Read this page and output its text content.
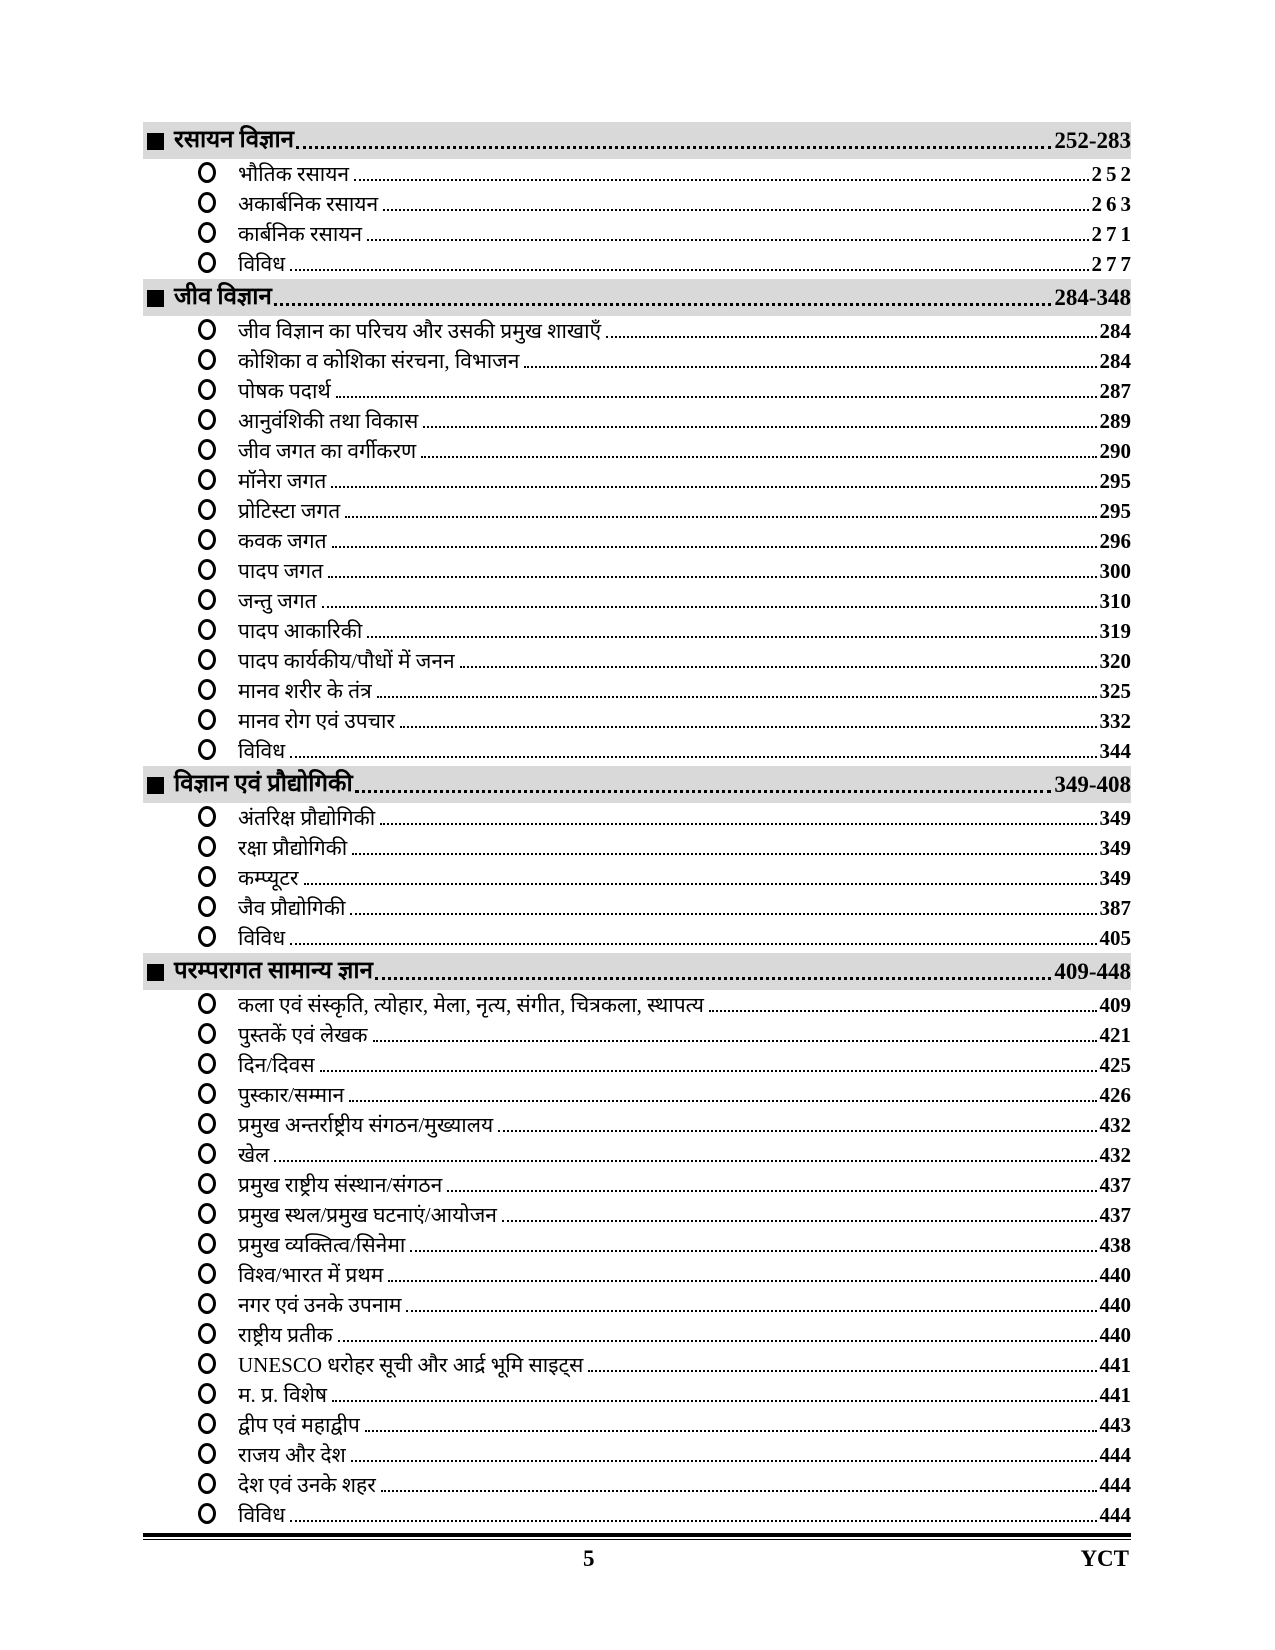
रसायन विज्ञान	252-283
भौतिक रसायन	252
अकार्बनिक रसायन	263
कार्बनिक रसायन	271
विविध	277
जीव विज्ञान	284-348
जीव विज्ञान का परिचय और उसकी प्रमुख शाखाएँ	284
कोशिका व कोशिका संरचना, विभाजन	284
पोषक पदार्थ	287
आनुवंशिकी तथा विकास	289
जीव जगत का वर्गीकरण	290
मॉनेरा जगत	295
प्रोटिस्टा जगत	295
कवक जगत	296
पादप जगत	300
जन्तु जगत	310
पादप आकारिकी	319
पादप कार्यकीय/पौधों में जनन	320
मानव शरीर के तंत्र	325
मानव रोग एवं उपचार	332
विविध	344
विज्ञान एवं प्रौद्योगिकी	349-408
अंतरिक्ष प्रौद्योगिकी	349
रक्षा प्रौद्योगिकी	349
कम्प्यूटर	349
जैव प्रौद्योगिकी	387
विविध	405
परम्परागत सामान्य ज्ञान	409-448
कला एवं संस्कृति, त्योहार, मेला, नृत्य, संगीत, चित्रकला, स्थापत्य	409
पुस्तकें एवं लेखक	421
दिन/दिवस	425
पुस्कार/सम्मान	426
प्रमुख अन्तर्राष्ट्रीय संगठन/मुख्यालय	432
खेल	432
प्रमुख राष्ट्रीय संस्थान/संगठन	437
प्रमुख स्थल/प्रमुख घटनाएं/आयोजन	437
प्रमुख व्यक्तित्व/सिनेमा	438
विश्व/भारत में प्रथम	440
नगर एवं उनके उपनाम	440
राष्ट्रीय प्रतीक	440
UNESCO धरोहर सूची और आर्द्र भूमि साइट्स	441
म. प्र. विशेष	441
द्वीप एवं महाद्वीप	443
राजय और देश	444
देश एवं उनके शहर	444
विविध	444
5	YCT
